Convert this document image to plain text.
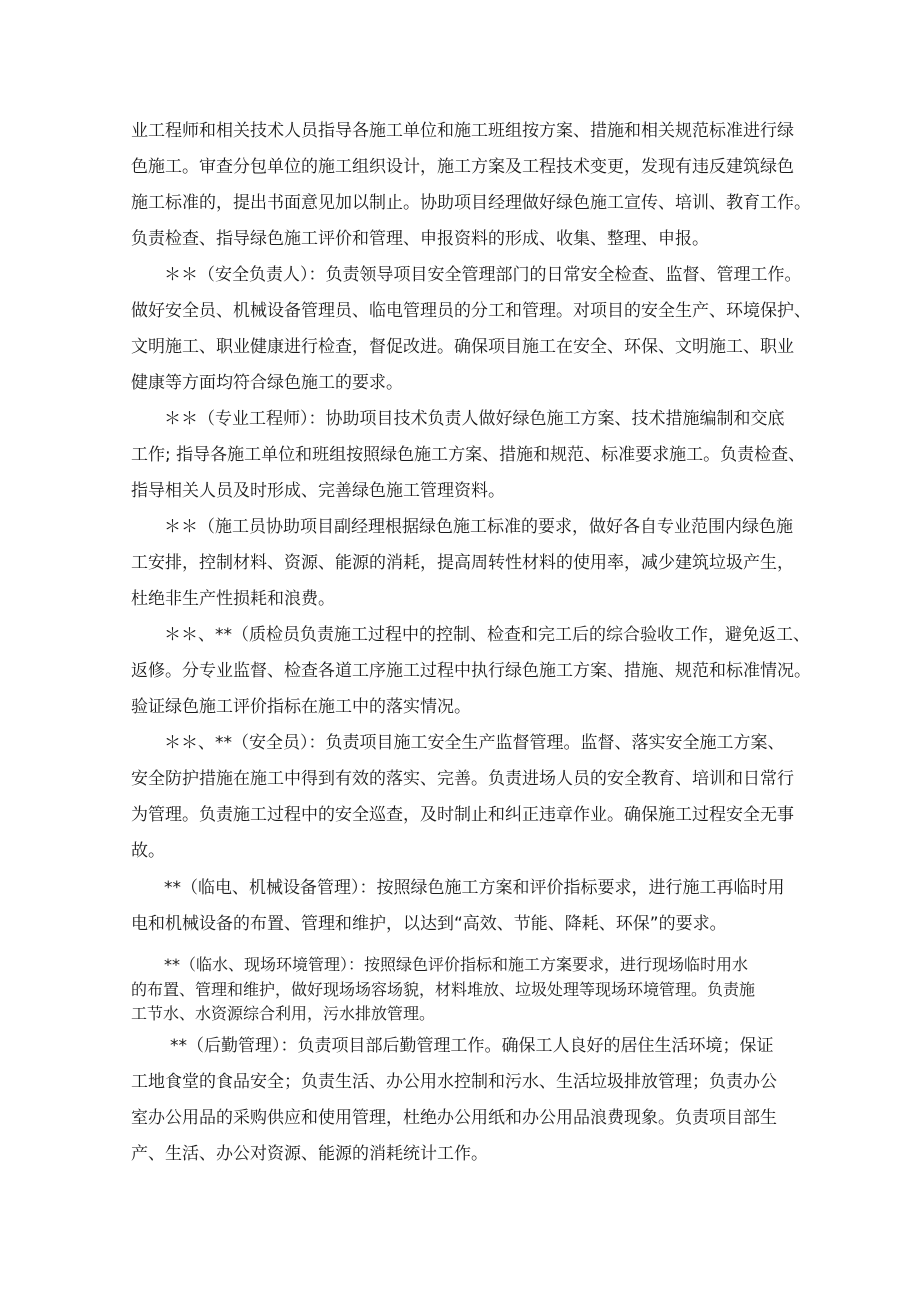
业工程师和相关技术人员指导各施工单位和施工班组按方案、措施和相关规范标准进行绿
色施工。审查分包单位的施工组织设计，施工方案及工程技术变更，发现有违反建筑绿色
施工标准的，提出书面意见加以制止。协助项目经理做好绿色施工宣传、培训、教育工作。
负责检查、指导绿色施工评价和管理、申报资料的形成、收集、整理、申报。
＊＊（安全负责人）：负责领导项目安全管理部门的日常安全检查、监督、管理工作。
做好安全员、机械设备管理员、临电管理员的分工和管理。对项目的安全生产、环境保护、
文明施工、职业健康进行检查，督促改进。确保项目施工在安全、环保、文明施工、职业
健康等方面均符合绿色施工的要求。
＊＊（专业工程师）：协助项目技术负责人做好绿色施工方案、技术措施编制和交底
工作; 指导各施工单位和班组按照绿色施工方案、措施和规范、标准要求施工。负责检查、
指导相关人员及时形成、完善绿色施工管理资料。
＊＊（施工员协助项目副经理根据绿色施工标准的要求，做好各自专业范围内绿色施
工安排，控制材料、资源、能源的消耗，提高周转性材料的使用率，减少建筑垃圾产生，
杜绝非生产性损耗和浪费。
＊＊、**（质检员负责施工过程中的控制、检查和完工后的综合验收工作，避免返工、
返修。分专业监督、检查各道工序施工过程中执行绿色施工方案、措施、规范和标准情况。
验证绿色施工评价指标在施工中的落实情况。
＊＊、**（安全员）：负责项目施工安全生产监督管理。监督、落实安全施工方案、
安全防护措施在施工中得到有效的落实、完善。负责进场人员的安全教育、培训和日常行
为管理。负责施工过程中的安全巡查，及时制止和纠正违章作业。确保施工过程安全无事
故。
**（临电、机械设备管理）：按照绿色施工方案和评价指标要求，进行施工再临时用
电和机械设备的布置、管理和维护，以达到“高效、节能、降耗、环保”的要求。
**（临水、现场环境管理）：按照绿色评价指标和施工方案要求，进行现场临时用水
的布置、管理和维护，做好现场场容场貌，材料堆放、垃圾处理等现场环境管理。负责施
工节水、水资源综合利用，污水排放管理。
**（后勤管理）：负责项目部后勤管理工作。确保工人良好的居住生活环境；保证
工地食堂的食品安全；负责生活、办公用水控制和污水、生活垃圾排放管理；负责办公
室办公用品的采购供应和使用管理，杜绝办公用纸和办公用品浪费现象。负责项目部生
产、生活、办公对资源、能源的消耗统计工作。
